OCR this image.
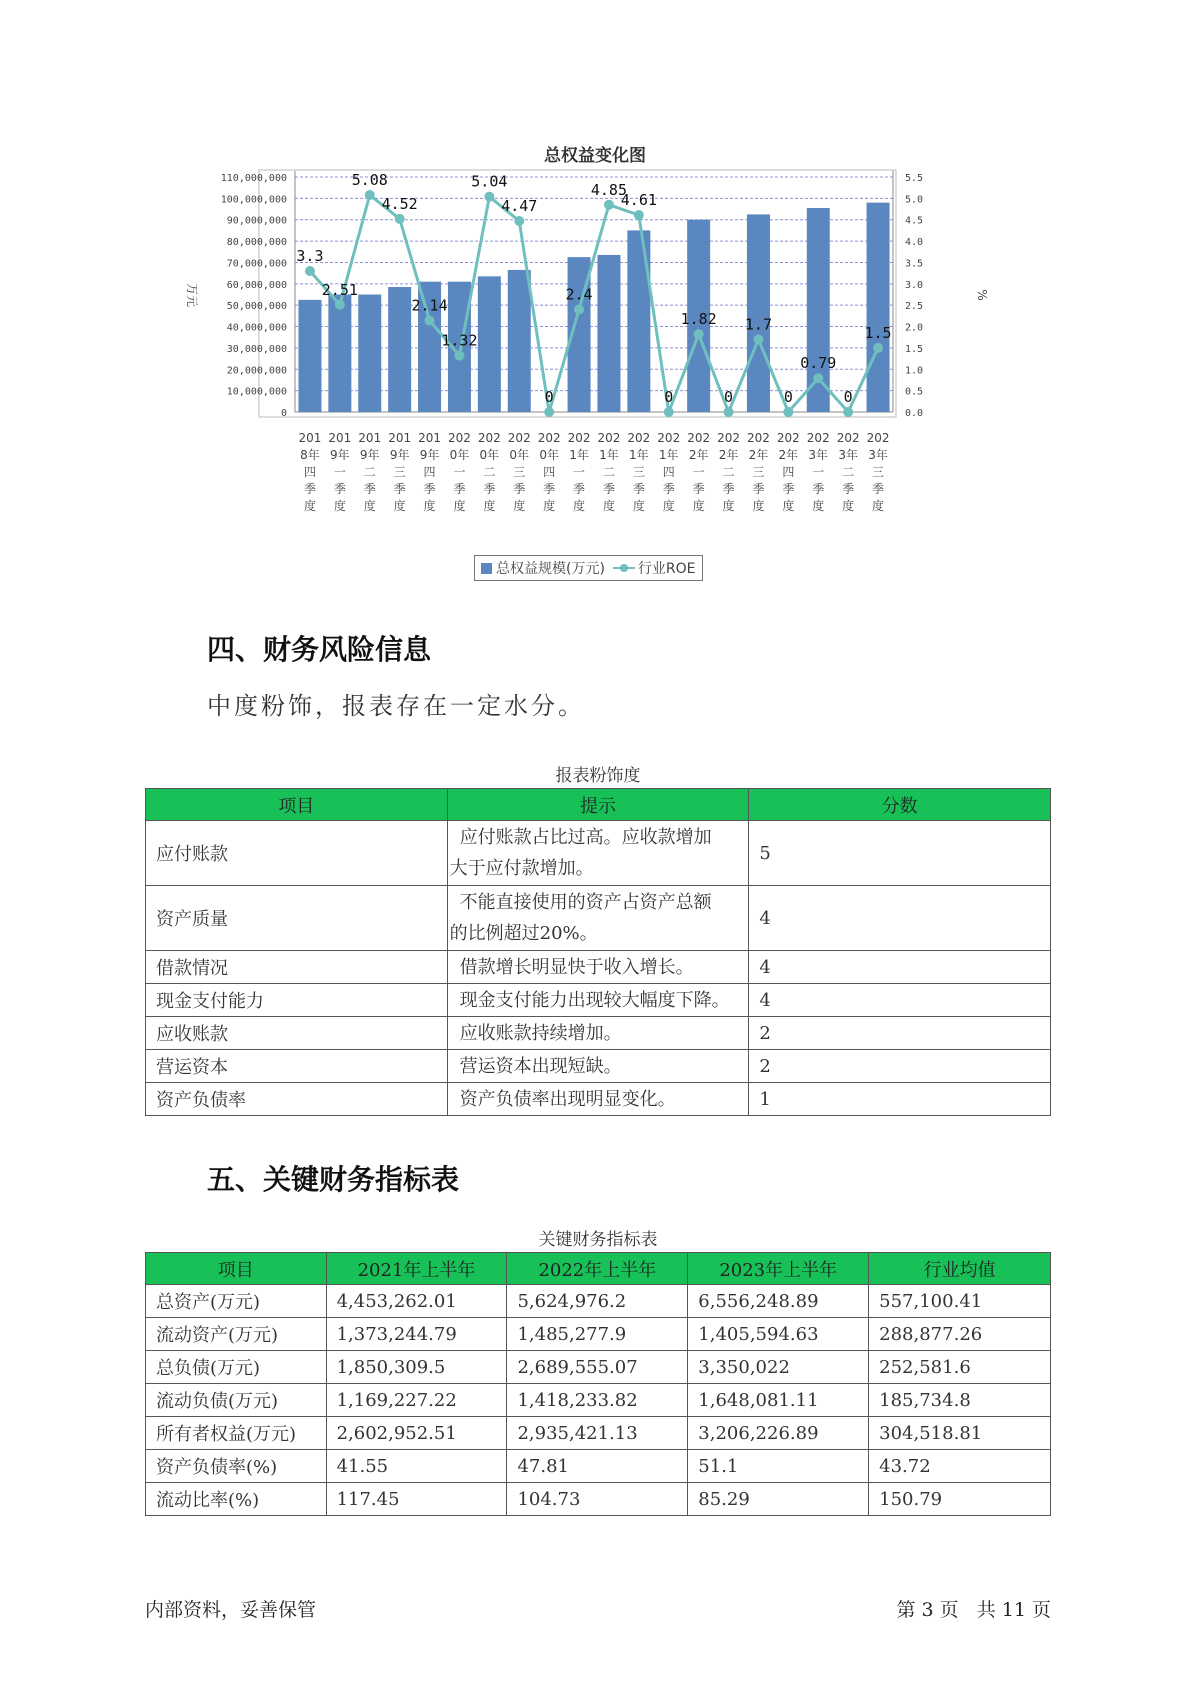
总权益变化图
110,000,000
100,000,000
90,000,000
80,000,000
70,000,000
60,000,000
50,000,000
40,000,000
30,000,000
20,000,000
10,000,000
0
5.5
5.0
4.5
4.0
3.5
3.0
2.5
2.0
1.5
1.0
0.5
0.0
万元	%
201 8年四季度
201 9年一季度
201 9年二季度
201 9年三季度
201 9年四季度
202 0年一季度
202 0年二季度
202 0年三季度
202 0年四季度
202 1年一季度
202 1年二季度
202 1年三季度
202 1年四季度
202 2年一季度
202 2年二季度
202 2年三季度
202 2年四季度
202 3年一季度
202 3年二季度
202 3年三季度
3.3
2.51
5.08
4.52
2.14
1.32
5.04
4.47
0
2.4
4.85
4.61
0
1.82
0
1.7
0
0.79
0
1.5
总权益规模(万元) 行业ROE
四、财务风险信息
中度粉饰，报表存在一定水分。
报表粉饰度
项目	提示	分数
应付账款	应付账款占比过高。应收款增加
大于应付款增加。	5
资产质量	不能直接使用的资产占资产总额
的比例超过20%。	4
借款情况	借款增长明显快于收入增长。	4
现金支付能力	现金支付能力出现较大幅度下降。	4
应收账款	应收账款持续增加。	2
营运资本	营运资本出现短缺。	2
资产负债率	资产负债率出现明显变化。	1
五、关键财务指标表
关键财务指标表
项目	2021年上半年	2022年上半年	2023年上半年	行业均值
总资产(万元)	4,453,262.01	5,624,976.2	6,556,248.89	557,100.41
流动资产(万元)	1,373,244.79	1,485,277.9	1,405,594.63	288,877.26
总负债(万元)	1,850,309.5	2,689,555.07	3,350,022	252,581.6
流动负债(万元)	1,169,227.22	1,418,233.82	1,648,081.11	185,734.8
所有者权益(万元)	2,602,952.51	2,935,421.13	3,206,226.89	304,518.81
资产负债率(%)	41.55	47.81	51.1	43.72
流动比率(%)	117.45	104.73	85.29	150.79
内部资料，妥善保管	第 3 页   共 11 页
